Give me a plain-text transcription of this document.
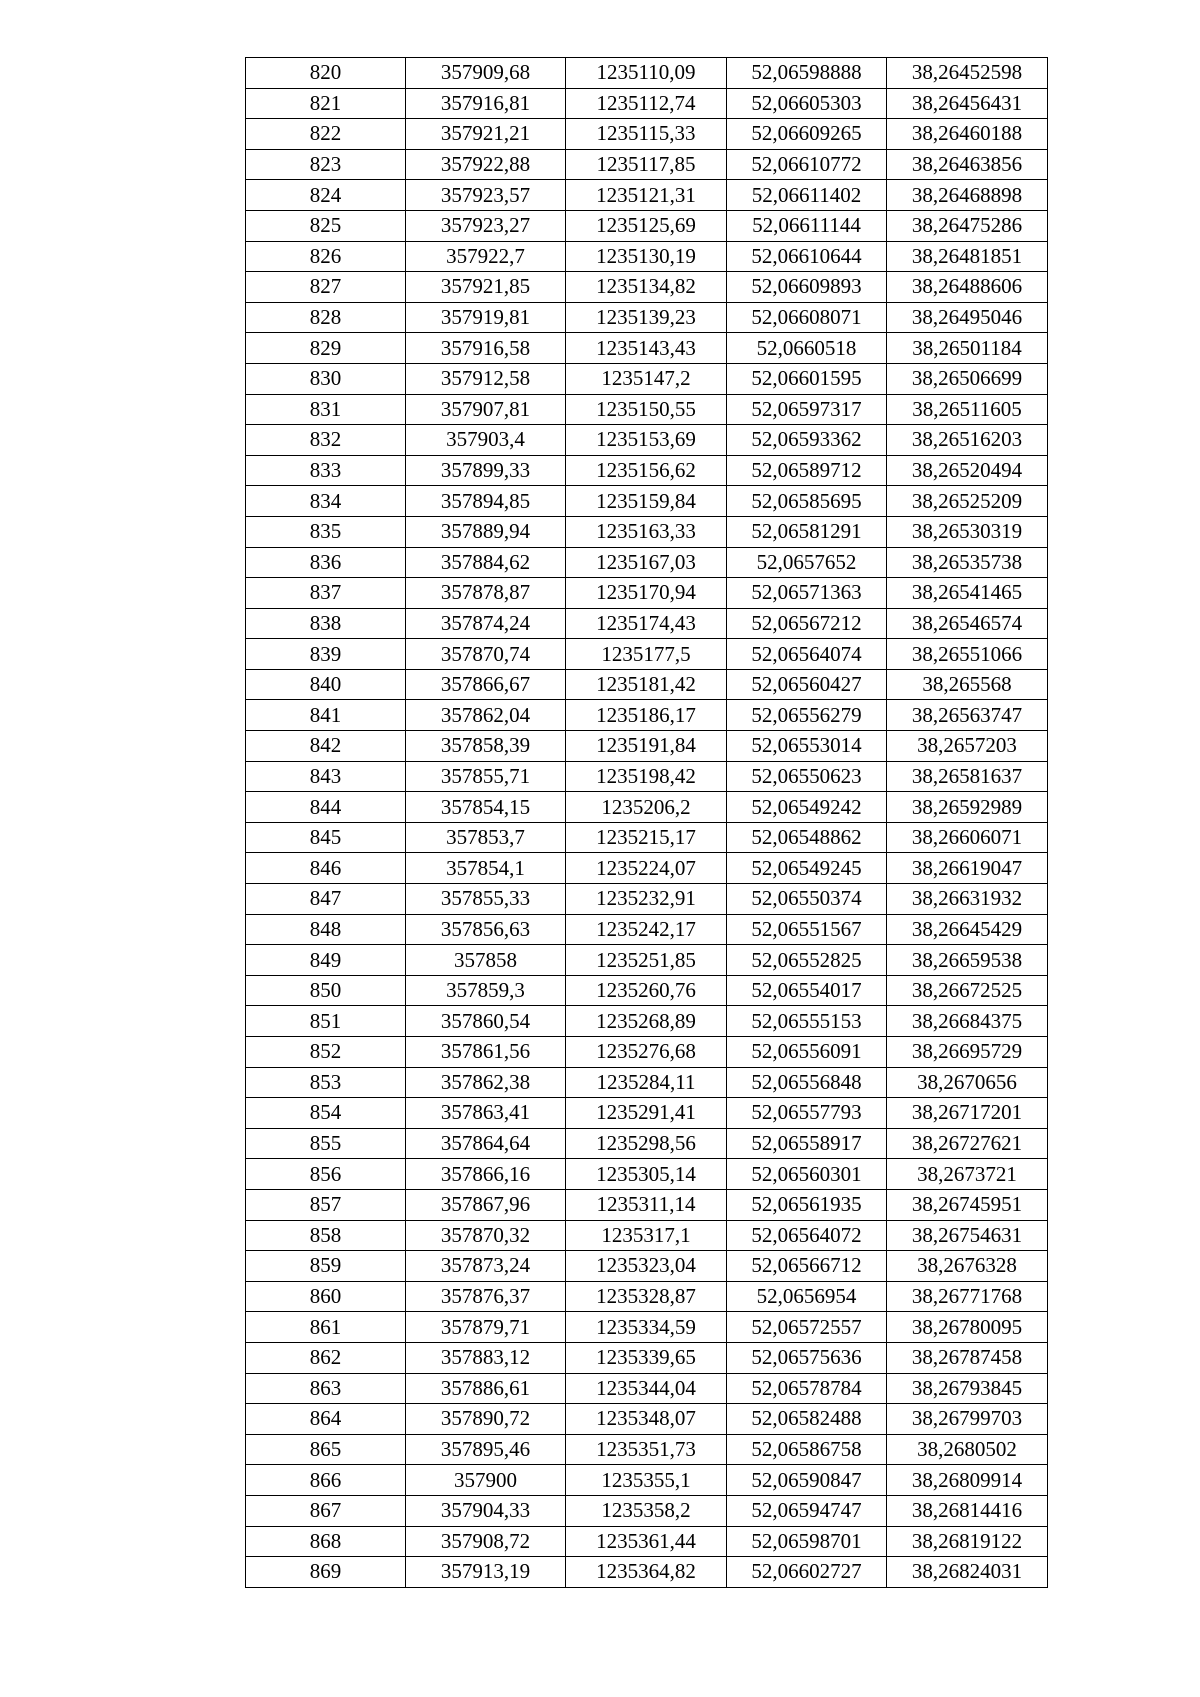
820	357909,68	1235110,09	52,06598888	38,26452598
821	357916,81	1235112,74	52,06605303	38,26456431
822	357921,21	1235115,33	52,06609265	38,26460188
823	357922,88	1235117,85	52,06610772	38,26463856
824	357923,57	1235121,31	52,06611402	38,26468898
825	357923,27	1235125,69	52,06611144	38,26475286
826	357922,7	1235130,19	52,06610644	38,26481851
827	357921,85	1235134,82	52,06609893	38,26488606
828	357919,81	1235139,23	52,06608071	38,26495046
829	357916,58	1235143,43	52,0660518	38,26501184
830	357912,58	1235147,2	52,06601595	38,26506699
831	357907,81	1235150,55	52,06597317	38,26511605
832	357903,4	1235153,69	52,06593362	38,26516203
833	357899,33	1235156,62	52,06589712	38,26520494
834	357894,85	1235159,84	52,06585695	38,26525209
835	357889,94	1235163,33	52,06581291	38,26530319
836	357884,62	1235167,03	52,0657652	38,26535738
837	357878,87	1235170,94	52,06571363	38,26541465
838	357874,24	1235174,43	52,06567212	38,26546574
839	357870,74	1235177,5	52,06564074	38,26551066
840	357866,67	1235181,42	52,06560427	38,265568
841	357862,04	1235186,17	52,06556279	38,26563747
842	357858,39	1235191,84	52,06553014	38,2657203
843	357855,71	1235198,42	52,06550623	38,26581637
844	357854,15	1235206,2	52,06549242	38,26592989
845	357853,7	1235215,17	52,06548862	38,26606071
846	357854,1	1235224,07	52,06549245	38,26619047
847	357855,33	1235232,91	52,06550374	38,26631932
848	357856,63	1235242,17	52,06551567	38,26645429
849	357858	1235251,85	52,06552825	38,26659538
850	357859,3	1235260,76	52,06554017	38,26672525
851	357860,54	1235268,89	52,06555153	38,26684375
852	357861,56	1235276,68	52,06556091	38,26695729
853	357862,38	1235284,11	52,06556848	38,2670656
854	357863,41	1235291,41	52,06557793	38,26717201
855	357864,64	1235298,56	52,06558917	38,26727621
856	357866,16	1235305,14	52,06560301	38,2673721
857	357867,96	1235311,14	52,06561935	38,26745951
858	357870,32	1235317,1	52,06564072	38,26754631
859	357873,24	1235323,04	52,06566712	38,2676328
860	357876,37	1235328,87	52,0656954	38,26771768
861	357879,71	1235334,59	52,06572557	38,26780095
862	357883,12	1235339,65	52,06575636	38,26787458
863	357886,61	1235344,04	52,06578784	38,26793845
864	357890,72	1235348,07	52,06582488	38,26799703
865	357895,46	1235351,73	52,06586758	38,2680502
866	357900	1235355,1	52,06590847	38,26809914
867	357904,33	1235358,2	52,06594747	38,26814416
868	357908,72	1235361,44	52,06598701	38,26819122
869	357913,19	1235364,82	52,06602727	38,26824031
